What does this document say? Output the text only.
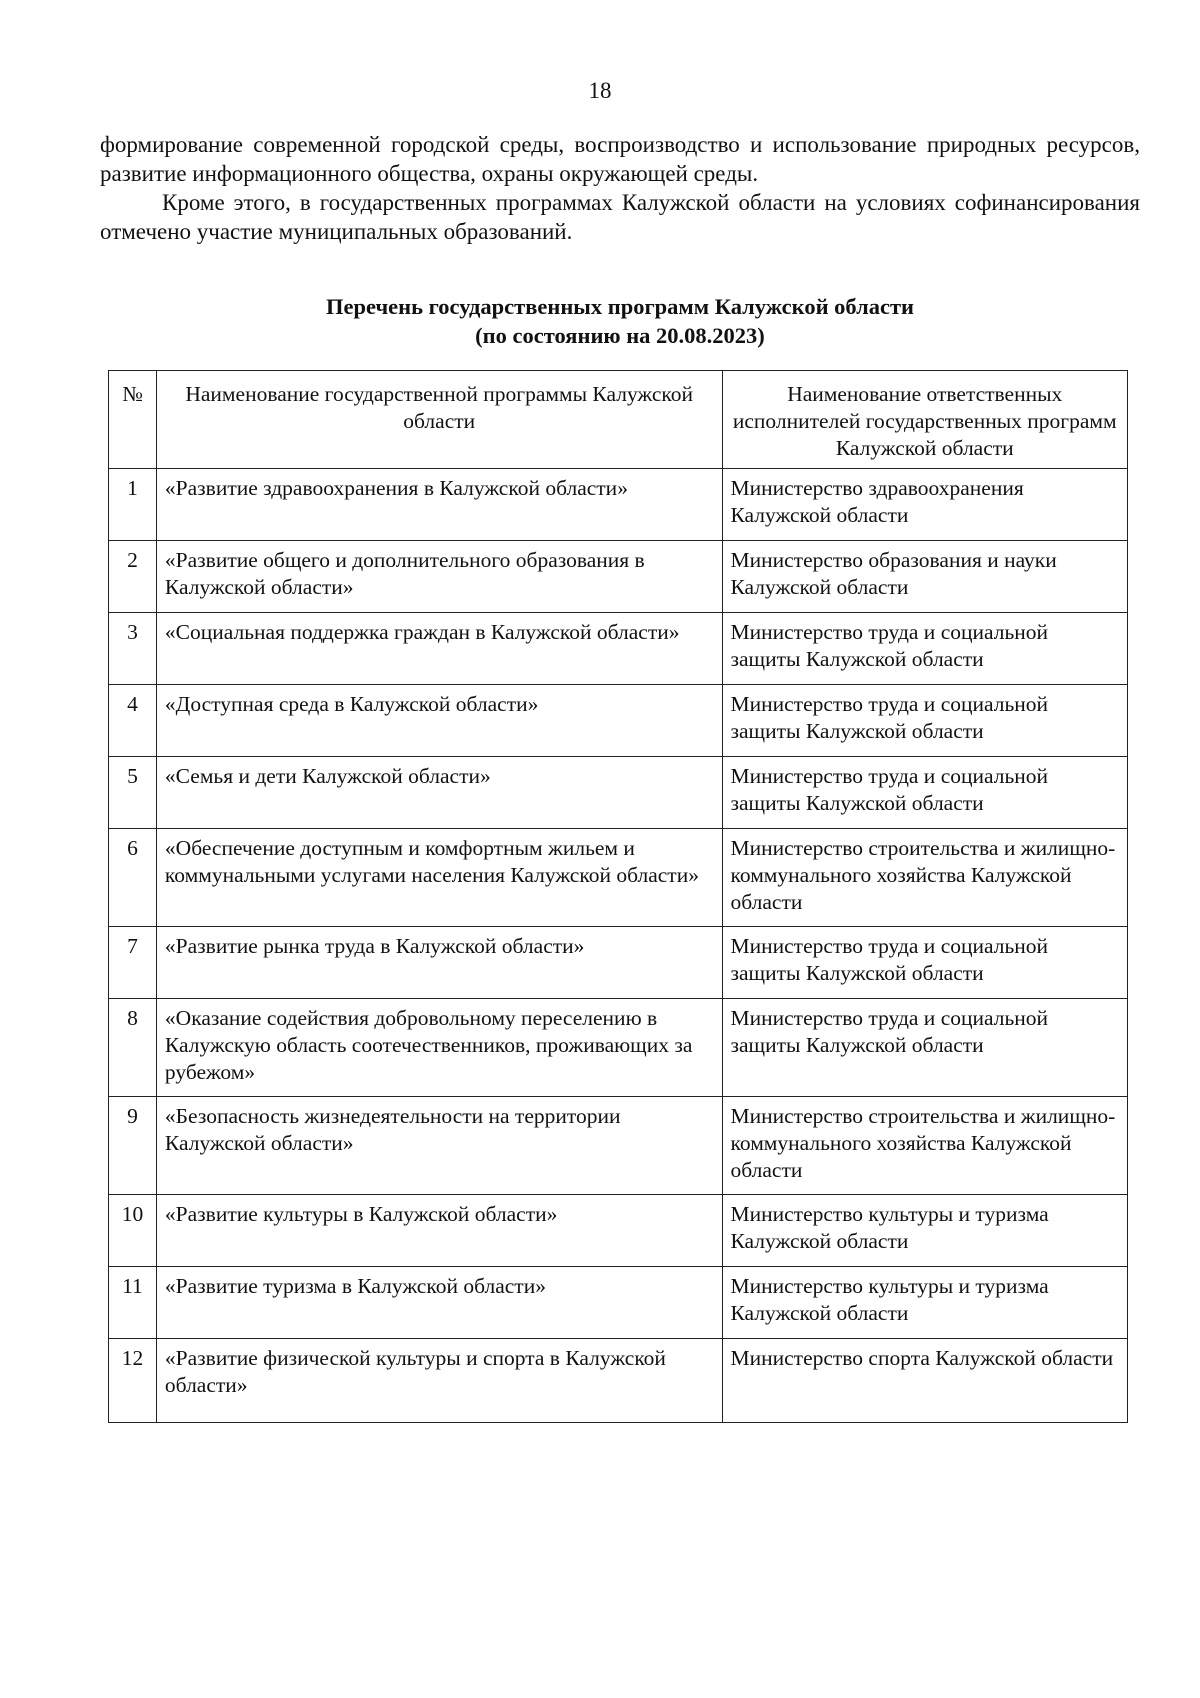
18

формирование современной городской среды, воспроизводство и использование природных ресурсов, развитие информационного общества, охраны окружающей среды.

Кроме этого, в государственных программах Калужской области на условиях софинансирования отмечено участие муниципальных образований.

Перечень государственных программ Калужской области
(по состоянию на 20.08.2023)
№	Наименование государственной программы Калужской области	Наименование ответственных исполнителей государственных программ Калужской области
1	«Развитие здравоохранения в Калужской области»	Министерство здравоохранения Калужской области
2	«Развитие общего и дополнительного образования в Калужской области»	Министерство образования и науки Калужской области
3	«Социальная поддержка граждан в Калужской области»	Министерство труда и социальной защиты Калужской области
4	«Доступная среда в Калужской области»	Министерство труда и социальной защиты Калужской области
5	«Семья и дети Калужской области»	Министерство труда и социальной защиты Калужской области
6	«Обеспечение доступным и комфортным жильем и коммунальными услугами населения Калужской области»	Министерство строительства и жилищно-коммунального хозяйства Калужской области
7	«Развитие рынка труда в Калужской области»	Министерство труда и социальной защиты Калужской области
8	«Оказание содействия добровольному переселению в Калужскую область соотечественников, проживающих за рубежом»	Министерство труда и социальной защиты Калужской области
9	«Безопасность жизнедеятельности на территории Калужской области»	Министерство строительства и жилищно-коммунального хозяйства Калужской области
10	«Развитие культуры в Калужской области»	Министерство культуры и туризма Калужской области
11	«Развитие туризма в Калужской области»	Министерство культуры и туризма Калужской области
12	«Развитие физической культуры и спорта в Калужской области»	Министерство спорта Калужской области
